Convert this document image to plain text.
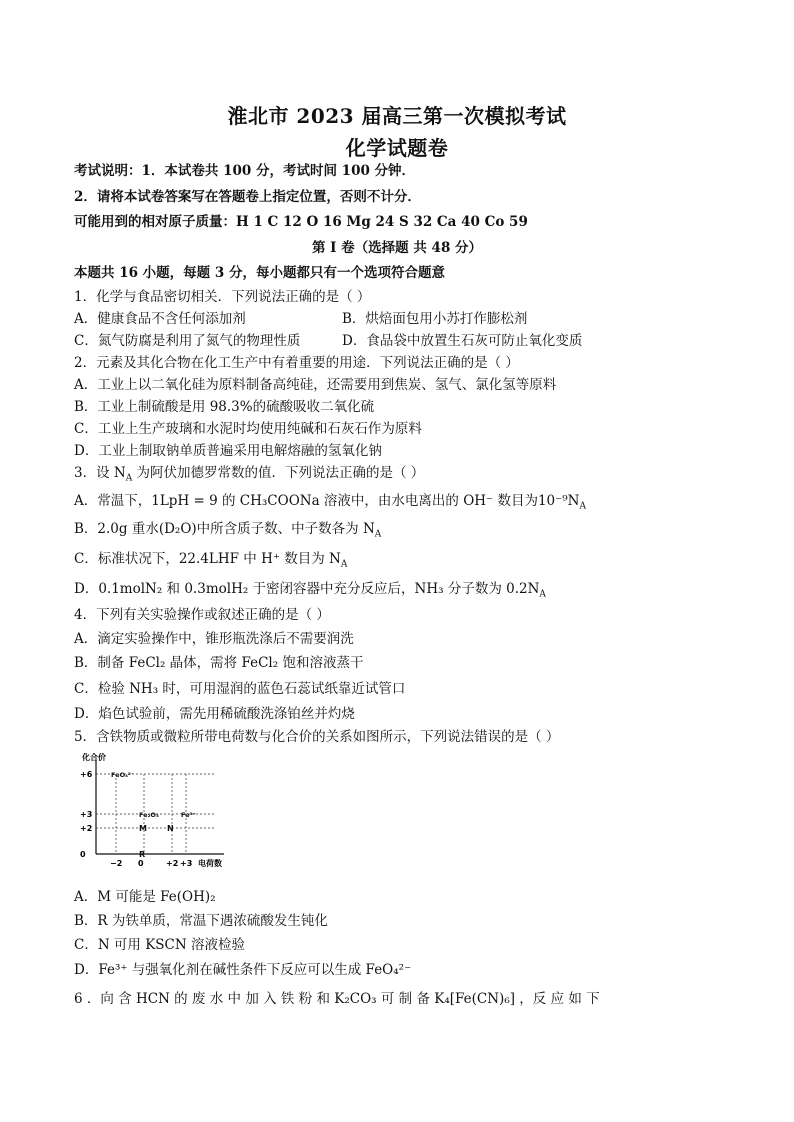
淮北市 2023 届高三第一次模拟考试
化学试题卷
考试说明：1．本试卷共 100 分，考试时间 100 分钟．
2．请将本试卷答案写在答题卷上指定位置，否则不计分．
可能用到的相对原子质量：H 1 C 12 O 16 Mg 24 S 32 Ca 40 Co 59
第 I 卷（选择题 共 48 分）
本题共 16 小题，每题 3 分，每小题都只有一个选项符合题意
1．化学与食品密切相关．下列说法正确的是（ ）
A．健康食品不含任何添加剂	B．烘焙面包用小苏打作膨松剂
C．氮气防腐是利用了氮气的物理性质	D．食品袋中放置生石灰可防止氧化变质
2．元素及其化合物在化工生产中有着重要的用途．下列说法正确的是（ ）
A．工业上以二氧化硅为原料制备高纯硅，还需要用到焦炭、氢气、氯化氢等原料
B．工业上制硫酸是用 98.3%的硫酸吸收二氧化硫
C．工业上生产玻璃和水泥时均使用纯碱和石灰石作为原料
D．工业上制取钠单质普遍采用电解熔融的氢氧化钠
3．设 $N_A$ 为阿伏加德罗常数的值．下列说法正确的是（ ）
A．常温下，1LpH = 9 的 CH₃COONa 溶液中，由水电离出的 OH⁻ 数目为$10^{-9}N_A$
B．2.0g 重水(D₂O)中所含质子数、中子数各为 $N_A$
C．标准状况下，22.4LHF 中 H⁺ 数目为 $N_A$
D．0.1molN₂ 和 0.3molH₂ 于密闭容器中充分反应后，NH₃ 分子数为 $0.2N_A$
4．下列有关实验操作或叙述正确的是（ ）
A．滴定实验操作中，锥形瓶洗涤后不需要润洗
B．制备 FeCl₂ 晶体，需将 FeCl₂ 饱和溶液蒸干
C．检验 NH₃ 时，可用湿润的蓝色石蕊试纸靠近试管口
D．焰色试验前，需先用稀硫酸洗涤铂丝并灼烧
5．含铁物质或微粒所带电荷数与化合价的关系如图所示，下列说法错误的是（ ）
化合价
电荷数
+6
+3
+2
0
−2 0	+2 +3
FeO₄²⁻
Fe₂O₃	Fe³⁺
M	N
R
A．M 可能是 Fe(OH)₂
B．R 为铁单质，常温下遇浓硫酸发生钝化
C．N 可用 KSCN 溶液检验
D．Fe³⁺ 与强氧化剂在碱性条件下反应可以生成 FeO₄²⁻
6 ．向 含 HCN 的 废 水 中 加 入 铁 粉 和 K₂CO₃ 可 制 备 K₄[Fe(CN)₆] ，反 应 如 下
